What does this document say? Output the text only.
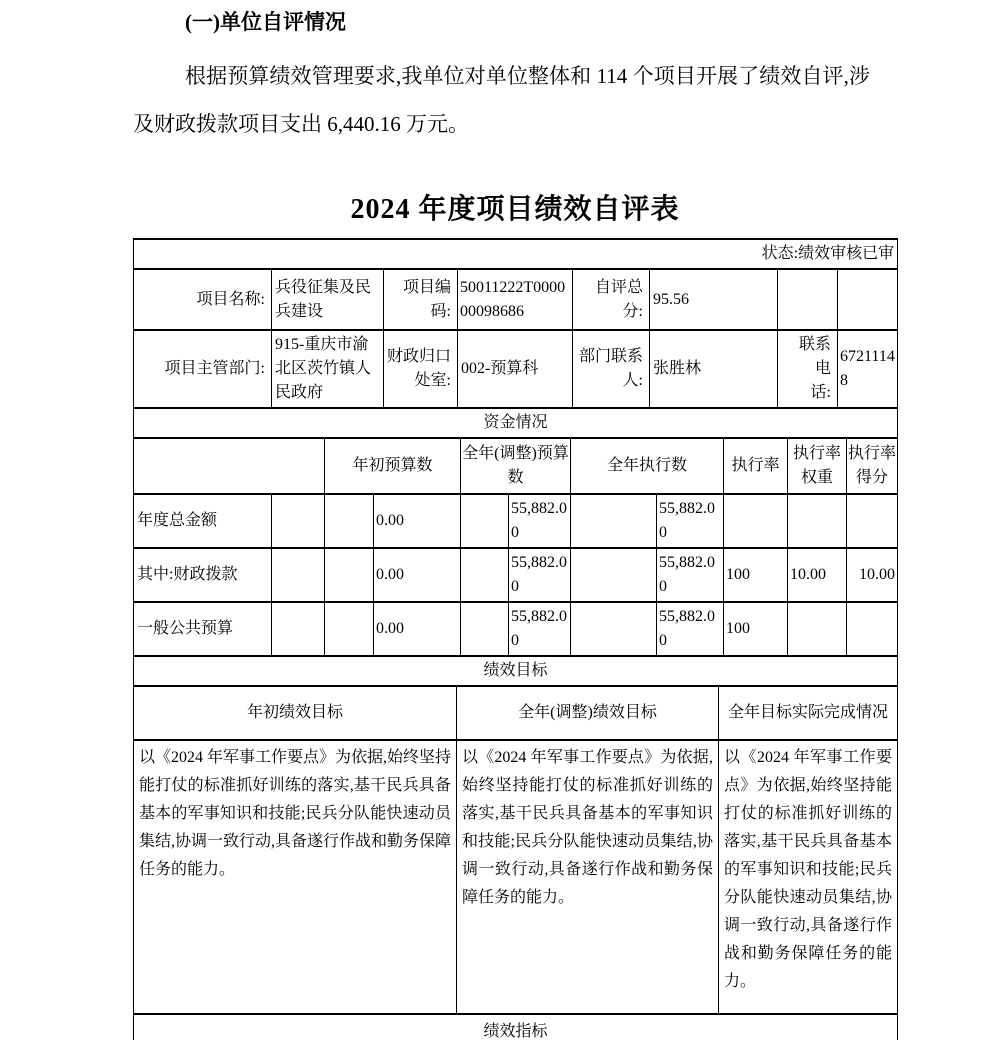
(一)单位自评情况

根据预算绩效管理要求,我单位对单位整体和 114 个项目开展了绩效自评,涉及财政拨款项目支出 6,440.16 万元。

2024 年度项目绩效自评表
状态:绩效审核已审							
项目名称:	兵役征集及民兵建设	项目编码:	50011222T000000098686	自评总分:	95.56		
项目主管部门:	915-重庆市渝北区茨竹镇人民政府	财政归口处室:	002-预算科	部门联系人:	张胜林	联系电话:	67211148
资金情况										
		年初预算数		全年(调整)预算数		全年执行数		执行率	执行率权重	执行率得分
年度总金额			0.00		55,882.00		55,882.00			
其中:财政拨款			0.00		55,882.00		55,882.00	100	10.00	10.00
一般公共预算			0.00		55,882.00		55,882.00	100		
绩效目标		
年初绩效目标	全年(调整)绩效目标	全年目标实际完成情况
以《2024 年军事工作要点》为依据,始终坚持能打仗的标准抓好训练的落实,基干民兵具备基本的军事知识和技能;民兵分队能快速动员集结,协调一致行动,具备遂行作战和勤务保障任务的能力。	以《2024 年军事工作要点》为依据,始终坚持能打仗的标准抓好训练的落实,基干民兵具备基本的军事知识和技能;民兵分队能快速动员集结,协调一致行动,具备遂行作战和勤务保障任务的能力。	以《2024 年军事工作要点》为依据,始终坚持能打仗的标准抓好训练的落实,基干民兵具备基本的军事知识和技能;民兵分队能快速动员集结,协调一致行动,具备遂行作战和勤务保障任务的能力。
绩效指标
